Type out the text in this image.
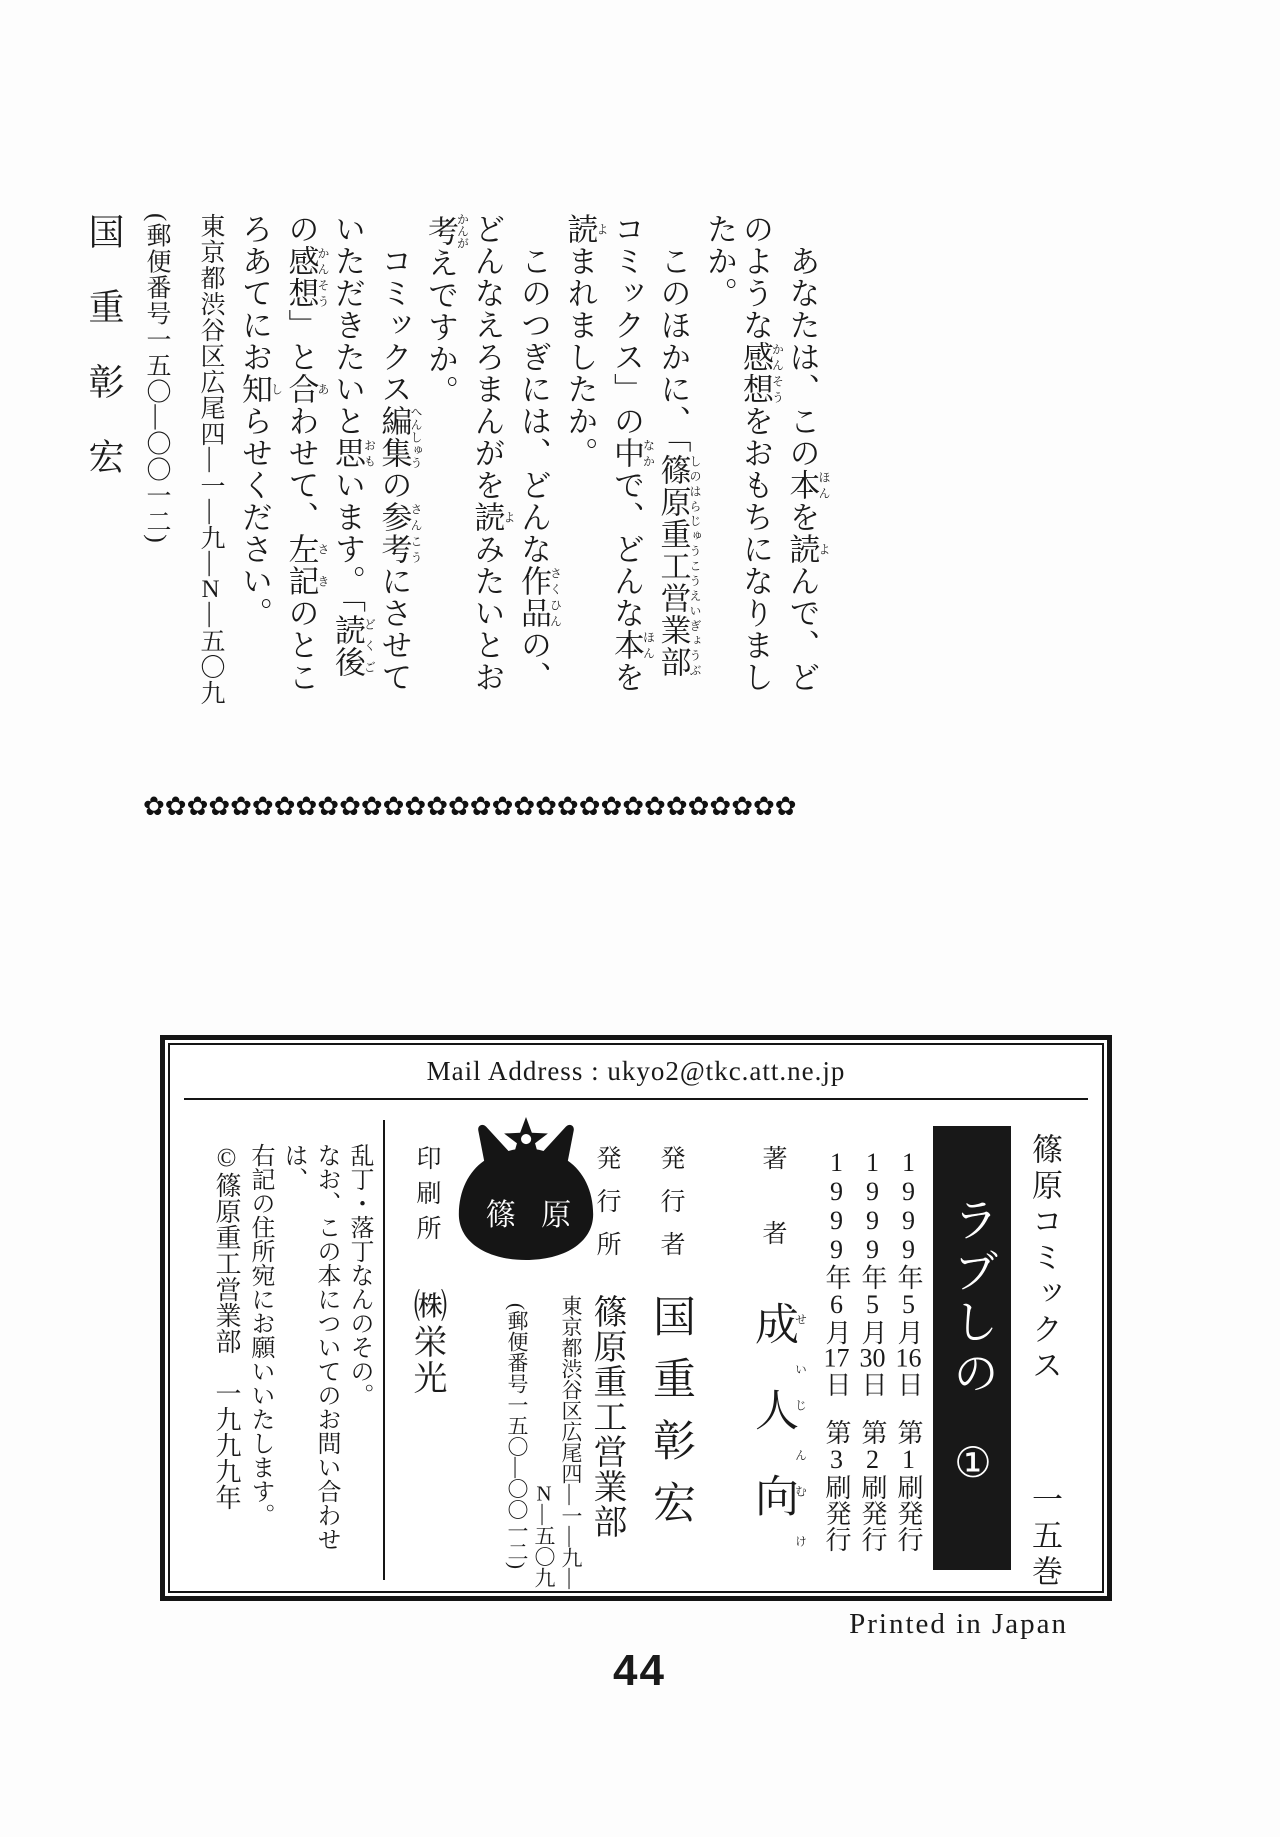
あなたは、この本ほんを読よんで、ど

のような感想かんそうをおもちになりまし

たか。

このほかに、「篠原重工営業部しのはらじゅうこうえいぎょうぶ

コミックス」の中なかで、どんな本ほんを

読よまれましたか。

このつぎには、どんな作品さくひんの、

どんなえろまんがを読よみたいとお

考かんがえですか。

コミックス編集へんしゅうの参考さんこうにさせて

いただきたいと思おもいます。「読後どくご

の感想かんそう」と合あわせて、左記さきのとこ

ろあてにお知しらせください。

東京都渋谷区広尾四―一―九―N―五〇九

(郵便番号一五〇―〇〇一二)

国重彰宏

✿✿✿✿✿✿✿✿✿✿✿✿✿✿✿✿✿✿✿✿✿✿✿✿✿✿✿✿✿✿
Mail Address : ukyo2@tkc.att.ne.jp
篠原コミックス
一五巻
ラブしの
①

1999年5月16日第1刷発行

1999年5月30日第2刷発行

1999年6月17日第3刷発行

著者 成せい人じん向むけ
発行者 国重彰宏
発行所 篠原重工営業部

東京都渋谷区広尾四―一―九―

N―五〇九

(郵便番号一五〇―〇〇一二)

篠 原
印刷所 ㈱栄光

乱丁・落丁なんのその。

なお、この本についてのお問い合わせは、

右記の住所宛にお願いいたします。

©篠原重工営業部　一九九九年

Printed in Japan
44
